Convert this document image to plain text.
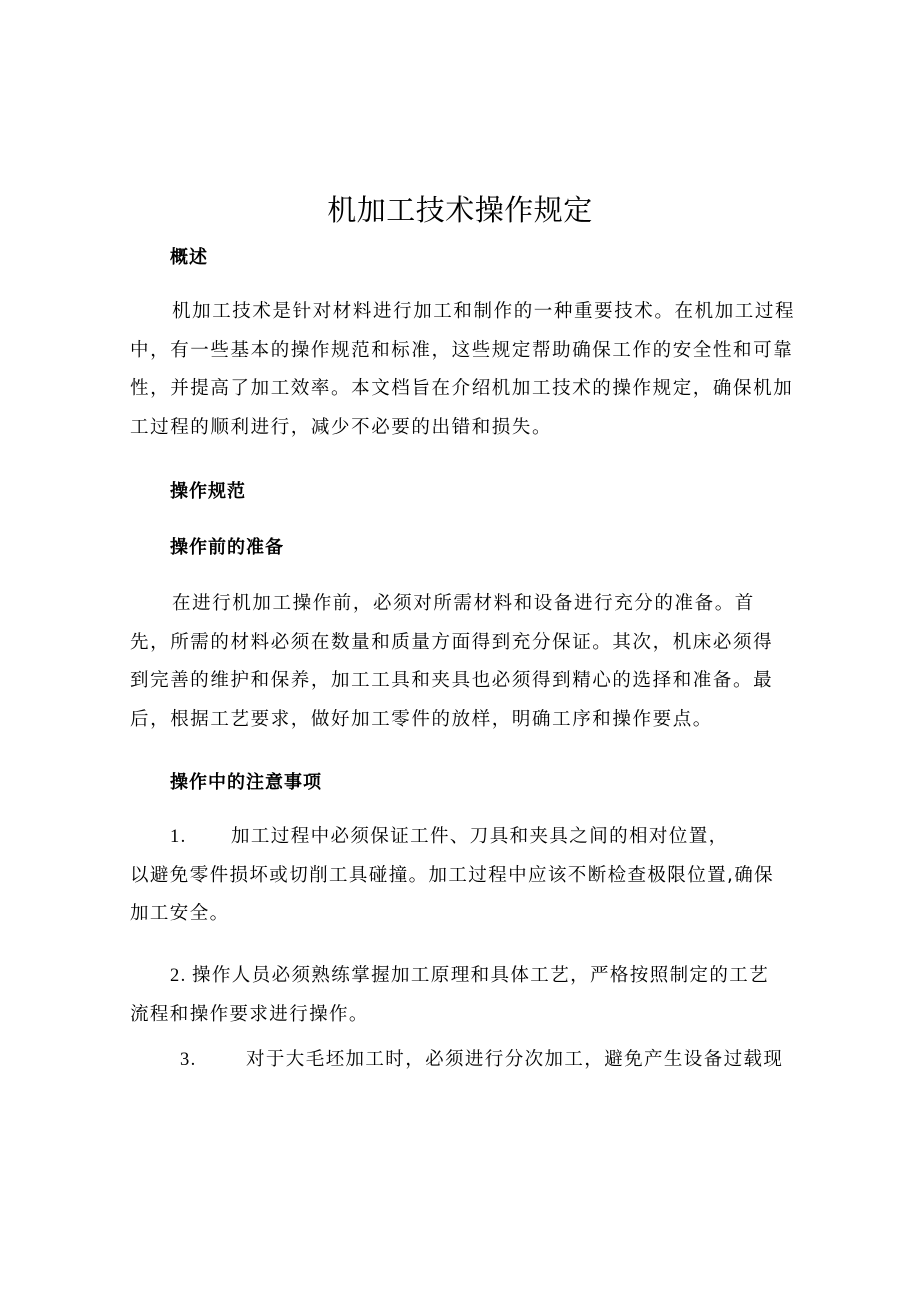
机加工技术操作规定
概述
机加工技术是针对材料进行加工和制作的一种重要技术。在机加工过程
中，有一些基本的操作规范和标准，这些规定帮助确保工作的安全性和可靠
性，并提高了加工效率。本文档旨在介绍机加工技术的操作规定，确保机加
工过程的顺利进行，减少不必要的出错和损失。
操作规范
操作前的准备
在进行机加工操作前，必须对所需材料和设备进行充分的准备。首
先，所需的材料必须在数量和质量方面得到充分保证。其次，机床必须得
到完善的维护和保养，加工工具和夹具也必须得到精心的选择和准备。最
后，根据工艺要求，做好加工零件的放样，明确工序和操作要点。
操作中的注意事项
1. 加工过程中必须保证工件、刀具和夹具之间的相对位置，
以避免零件损坏或切削工具碰撞。加工过程中应该不断检查极限位置,确保
加工安全。
2. 操作人员必须熟练掌握加工原理和具体工艺，严格按照制定的工艺
流程和操作要求进行操作。
3.	对于大毛坯加工时，必须进行分次加工，避免产生设备过载现
